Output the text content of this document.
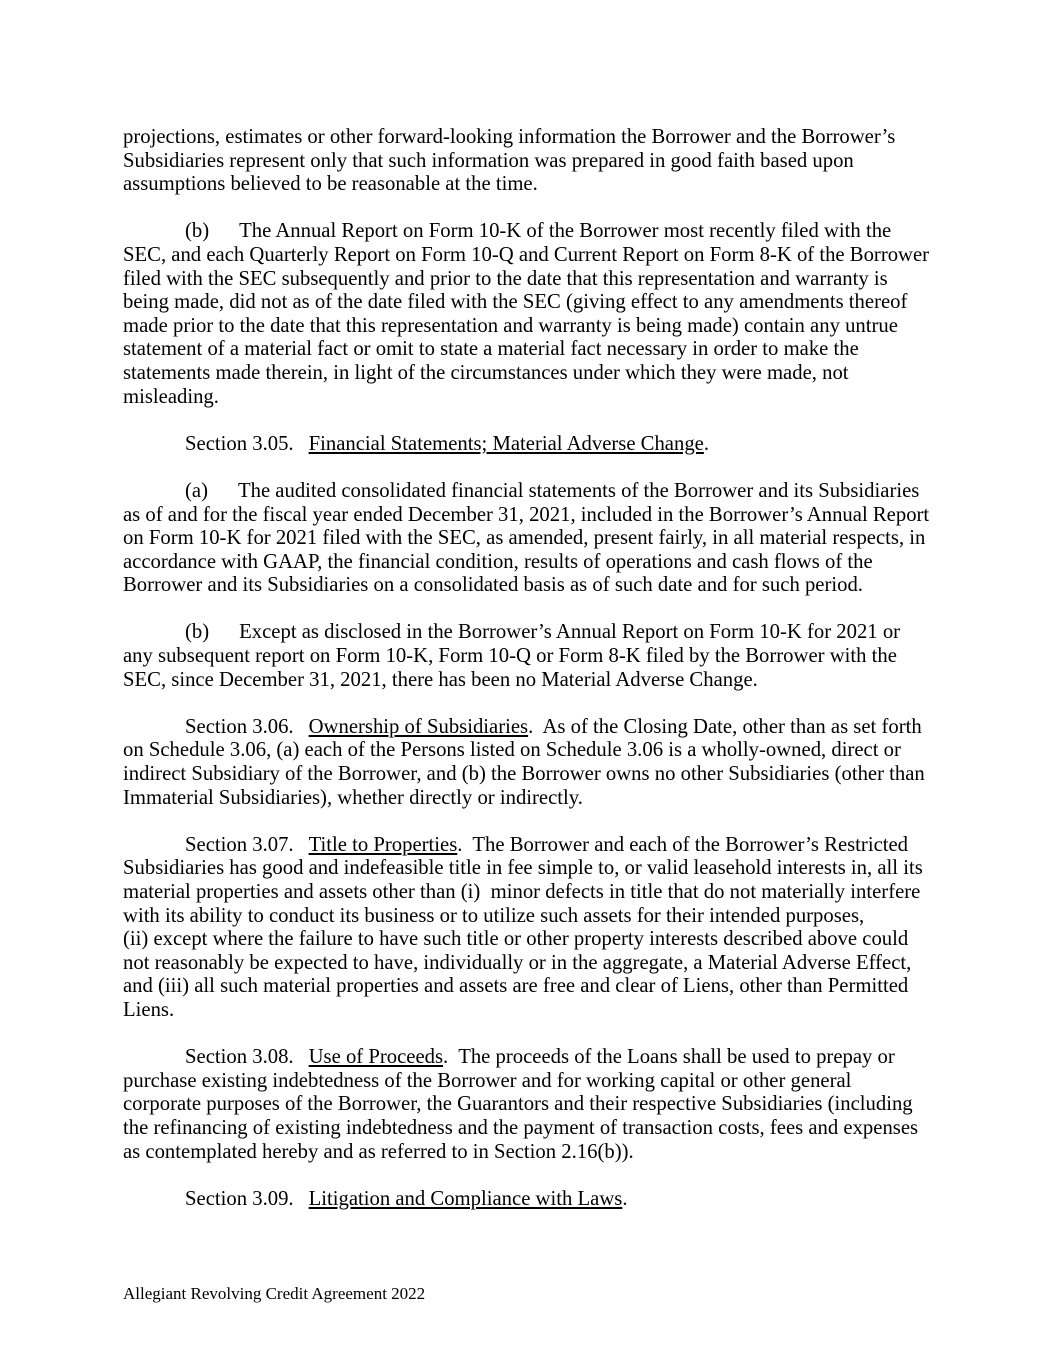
projections, estimates or other forward-looking information the Borrower and the Borrower’s Subsidiaries represent only that such information was prepared in good faith based upon assumptions believed to be reasonable at the time.

(b) The Annual Report on Form 10-K of the Borrower most recently filed with the SEC, and each Quarterly Report on Form 10-Q and Current Report on Form 8-K of the Borrower filed with the SEC subsequently and prior to the date that this representation and warranty is being made, did not as of the date filed with the SEC (giving effect to any amendments thereof made prior to the date that this representation and warranty is being made) contain any untrue statement of a material fact or omit to state a material fact necessary in order to make the statements made therein, in light of the circumstances under which they were made, not misleading.

Section 3.05. Financial Statements; Material Adverse Change.

(a) The audited consolidated financial statements of the Borrower and its Subsidiaries as of and for the fiscal year ended December 31, 2021, included in the Borrower’s Annual Report on Form 10-K for 2021 filed with the SEC, as amended, present fairly, in all material respects, in accordance with GAAP, the financial condition, results of operations and cash flows of the Borrower and its Subsidiaries on a consolidated basis as of such date and for such period.

(b) Except as disclosed in the Borrower’s Annual Report on Form 10-K for 2021 or any subsequent report on Form 10-K, Form 10-Q or Form 8-K filed by the Borrower with the SEC, since December 31, 2021, there has been no Material Adverse Change.

Section 3.06. Ownership of Subsidiaries.  As of the Closing Date, other than as set forth on Schedule 3.06, (a) each of the Persons listed on Schedule 3.06 is a wholly-owned, direct or indirect Subsidiary of the Borrower, and (b) the Borrower owns no other Subsidiaries (other than Immaterial Subsidiaries), whether directly or indirectly.

Section 3.07. Title to Properties.  The Borrower and each of the Borrower’s Restricted Subsidiaries has good and indefeasible title in fee simple to, or valid leasehold interests in, all its material properties and assets other than (i)  minor defects in title that do not materially interfere with its ability to conduct its business or to utilize such assets for their intended purposes, (ii) except where the failure to have such title or other property interests described above could not reasonably be expected to have, individually or in the aggregate, a Material Adverse Effect, and (iii) all such material properties and assets are free and clear of Liens, other than Permitted Liens.

Section 3.08. Use of Proceeds.  The proceeds of the Loans shall be used to prepay or purchase existing indebtedness of the Borrower and for working capital or other general corporate purposes of the Borrower, the Guarantors and their respective Subsidiaries (including the refinancing of existing indebtedness and the payment of transaction costs, fees and expenses as contemplated hereby and as referred to in Section 2.16(b)).

Section 3.09. Litigation and Compliance with Laws.

Allegiant Revolving Credit Agreement 2022
